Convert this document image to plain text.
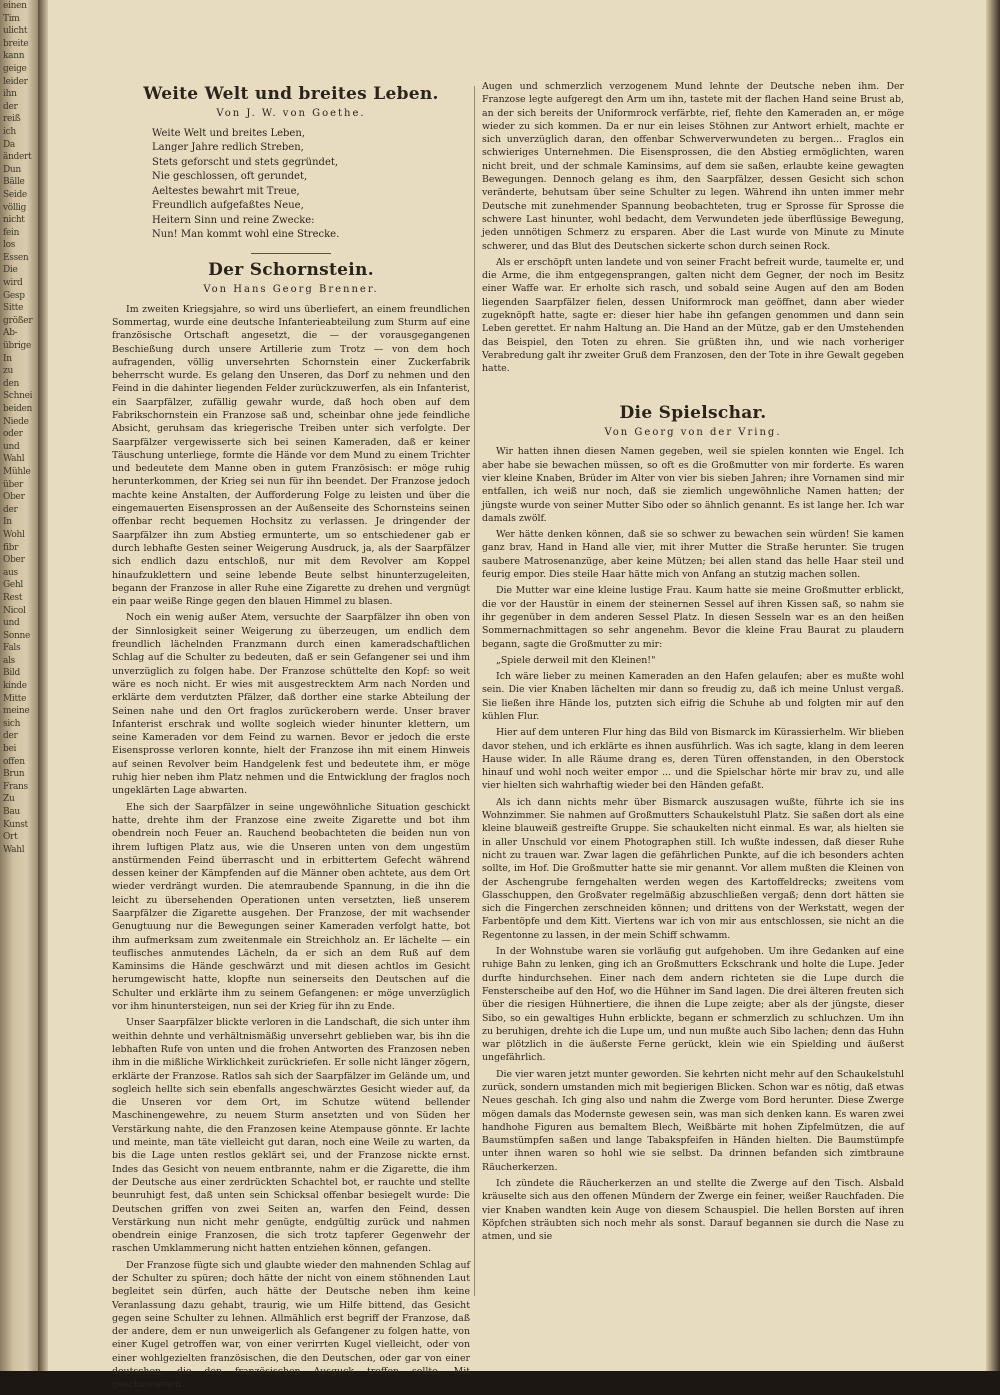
einen
Tim
ulicht
breite
kann
geige
leider
ihn
der
reiß
ich
Da
ändert
Dun
Bälle
Seide
völlig
nicht
fein
los
Essen
Die
wird
Gesp
Sitte
größer
Ab-
übrige
In
zu
den
Schnei
beiden
Niede
oder
und
Wahl
Mühle
über
Ober
der
In
Wohl
fibr
Ober
aus
Gehl
Rest
Nicol
und
Sonne
Fals
als
Bild
kinde
Mitte
meine
sich
der
bei
offen
Brun
Frans
Zu
Bau
Kunst
Ort
Wahl
Weite Welt und breites Leben.
Von J. W. von Goethe.
Weite Welt und breites Leben,
Langer Jahre redlich Streben,
Stets geforscht und stets gegründet,
Nie geschlossen, oft gerundet,
Aeltestes bewahrt mit Treue,
Freundlich aufgefaßtes Neue,
Heitern Sinn und reine Zwecke:
Nun! Man kommt wohl eine Strecke.
Der Schornstein.
Von Hans Georg Brenner.

Im zweiten Kriegsjahre, so wird uns überliefert, an einem freundlichen Sommertag, wurde eine deutsche Infanterieabteilung zum Sturm auf eine französische Ortschaft angesetzt, die — der vorausgegangenen Beschießung durch unsere Artillerie zum Trotz — von dem hoch aufragenden, völlig unversehrten Schornstein einer Zuckerfabrik beherrscht wurde. Es gelang den Unseren, das Dorf zu nehmen und den Feind in die dahinter liegenden Felder zurückzuwerfen, als ein Infanterist, ein Saarpfälzer, zufällig gewahr wurde, daß hoch oben auf dem Fabrikschornstein ein Franzose saß und, scheinbar ohne jede feindliche Absicht, geruhsam das kriegerische Treiben unter sich verfolgte. Der Saarpfälzer vergewisserte sich bei seinen Kameraden, daß er keiner Täuschung unterliege, formte die Hände vor dem Mund zu einem Trichter und bedeutete dem Manne oben in gutem Französisch: er möge ruhig herunterkommen, der Krieg sei nun für ihn beendet. Der Franzose jedoch machte keine Anstalten, der Aufforderung Folge zu leisten und über die eingemauerten Eisensprossen an der Außenseite des Schornsteins seinen offenbar recht bequemen Hochsitz zu verlassen. Je dringender der Saarpfälzer ihn zum Abstieg ermunterte, um so entschiedener gab er durch lebhafte Gesten seiner Weigerung Ausdruck, ja, als der Saarpfälzer sich endlich dazu entschloß, nur mit dem Revolver am Koppel hinaufzuklettern und seine lebende Beute selbst hinunterzugeleiten, begann der Franzose in aller Ruhe eine Zigarette zu drehen und vergnügt ein paar weiße Ringe gegen den blauen Himmel zu blasen.

Noch ein wenig außer Atem, versuchte der Saarpfälzer ihn oben von der Sinnlosigkeit seiner Weigerung zu überzeugen, um endlich dem freundlich lächelnden Franzmann durch einen kameradschaftlichen Schlag auf die Schulter zu bedeuten, daß er sein Gefangener sei und ihm unverzüglich zu folgen habe. Der Franzose schüttelte den Kopf: so weit wäre es noch nicht. Er wies mit ausgestrecktem Arm nach Norden und erklärte dem verdutzten Pfälzer, daß dorther eine starke Abteilung der Seinen nahe und den Ort fraglos zurückerobern werde. Unser braver Infanterist erschrak und wollte sogleich wieder hinunter klettern, um seine Kameraden vor dem Feind zu warnen. Bevor er jedoch die erste Eisensprosse verloren konnte, hielt der Franzose ihn mit einem Hinweis auf seinen Revolver beim Handgelenk fest und bedeutete ihm, er möge ruhig hier neben ihm Platz nehmen und die Entwicklung der fraglos noch ungeklärten Lage abwarten.

Ehe sich der Saarpfälzer in seine ungewöhnliche Situation geschickt hatte, drehte ihm der Franzose eine zweite Zigarette und bot ihm obendrein noch Feuer an. Rauchend beobachteten die beiden nun von ihrem luftigen Platz aus, wie die Unseren unten von dem ungestüm anstürmenden Feind überrascht und in erbittertem Gefecht während dessen keiner der Kämpfenden auf die Männer oben achtete, aus dem Ort wieder verdrängt wurden. Die atemraubende Spannung, in die ihn die leicht zu übersehenden Operationen unten versetzten, ließ unserem Saarpfälzer die Zigarette ausgehen. Der Franzose, der mit wachsender Genugtuung nur die Bewegungen seiner Kameraden verfolgt hatte, bot ihm aufmerksam zum zweitenmale ein Streichholz an. Er lächelte — ein teuflisches anmutendes Lächeln, da er sich an dem Ruß auf dem Kaminsims die Hände geschwärzt und mit diesen achtlos im Gesicht herumgewischt hatte, klopfte nun seinerseits den Deutschen auf die Schulter und erklärte ihm zu seinem Gefangenen: er möge unverzüglich vor ihm hinuntersteigen, nun sei der Krieg für ihn zu Ende.

Unser Saarpfälzer blickte verloren in die Landschaft, die sich unter ihm weithin dehnte und verhältnismäßig unversehrt geblieben war, bis ihn die lebhaften Rufe von unten und die frohen Antworten des Franzosen neben ihm in die mißliche Wirklichkeit zurückriefen. Er solle nicht länger zögern, erklärte der Franzose. Ratlos sah sich der Saarpfälzer im Gelände um, und sogleich hellte sich sein ebenfalls angeschwärztes Gesicht wieder auf, da die Unseren vor dem Ort, im Schutze wütend bellender Maschinengewehre, zu neuem Sturm ansetzten und von Süden her Verstärkung nahte, die den Franzosen keine Atempause gönnte. Er lachte und meinte, man täte vielleicht gut daran, noch eine Weile zu warten, da bis die Lage unten restlos geklärt sei, und der Franzose nickte ernst. Indes das Gesicht von neuem entbrannte, nahm er die Zigarette, die ihm der Deutsche aus einer zerdrückten Schachtel bot, er rauchte und stellte beunruhigt fest, daß unten sein Schicksal offenbar besiegelt wurde: Die Deutschen griffen von zwei Seiten an, warfen den Feind, dessen Verstärkung nun nicht mehr genügte, endgültig zurück und nahmen obendrein einige Franzosen, die sich trotz tapferer Gegenwehr der raschen Umklammerung nicht hatten entziehen können, gefangen.

Der Franzose fügte sich und glaubte wieder den mahnenden Schlag auf der Schulter zu spüren; doch hätte der nicht von einem stöhnenden Laut begleitet sein dürfen, auch hätte der Deutsche neben ihm keine Veranlassung dazu gehabt, traurig, wie um Hilfe bittend, das Gesicht gegen seine Schulter zu lehnen. Allmählich erst begriff der Franzose, daß der andere, dem er nun unweigerlich als Gefangener zu folgen hatte, von einer Kugel getroffen war, von einer verirrten Kugel vielleicht, oder von einer wohlgezielten französischen, die den Deutschen, oder gar von einer deutschen, die den französischen Ausguck treffen sollte. Mit geschlossenen

Augen und schmerzlich verzogenem Mund lehnte der Deutsche neben ihm. Der Franzose legte aufgeregt den Arm um ihn, tastete mit der flachen Hand seine Brust ab, an der sich bereits der Uniformrock verfärbte, rief, flehte den Kameraden an, er möge wieder zu sich kommen. Da er nur ein leises Stöhnen zur Antwort erhielt, machte er sich unverzüglich daran, den offenbar Schwerverwundeten zu bergen... Fraglos ein schwieriges Unternehmen. Die Eisensprossen, die den Abstieg ermöglichten, waren nicht breit, und der schmale Kaminsims, auf dem sie saßen, erlaubte keine gewagten Bewegungen. Dennoch gelang es ihm, den Saarpfälzer, dessen Gesicht sich schon veränderte, behutsam über seine Schulter zu legen. Während ihn unten immer mehr Deutsche mit zunehmender Spannung beobachteten, trug er Sprosse für Sprosse die schwere Last hinunter, wohl bedacht, dem Verwundeten jede überflüssige Bewegung, jeden unnötigen Schmerz zu ersparen. Aber die Last wurde von Minute zu Minute schwerer, und das Blut des Deutschen sickerte schon durch seinen Rock.

Als er erschöpft unten landete und von seiner Fracht befreit wurde, taumelte er, und die Arme, die ihm entgegensprangen, galten nicht dem Gegner, der noch im Besitz einer Waffe war. Er erholte sich rasch, und sobald seine Augen auf den am Boden liegenden Saarpfälzer fielen, dessen Uniformrock man geöffnet, dann aber wieder zugeknöpft hatte, sagte er: dieser hier habe ihn gefangen genommen und dann sein Leben gerettet. Er nahm Haltung an. Die Hand an der Mütze, gab er den Umstehenden das Beispiel, den Toten zu ehren. Sie grüßten ihn, und wie nach vorheriger Verabredung galt ihr zweiter Gruß dem Franzosen, den der Tote in ihre Gewalt gegeben hatte.

Die Spielschar.
Von Georg von der Vring.

Wir hatten ihnen diesen Namen gegeben, weil sie spielen konnten wie Engel. Ich aber habe sie bewachen müssen, so oft es die Großmutter von mir forderte. Es waren vier kleine Knaben, Brüder im Alter von vier bis sieben Jahren; ihre Vornamen sind mir entfallen, ich weiß nur noch, daß sie ziemlich ungewöhnliche Namen hatten; der jüngste wurde von seiner Mutter Sibo oder so ähnlich genannt. Es ist lange her. Ich war damals zwölf.

Wer hätte denken können, daß sie so schwer zu bewachen sein würden! Sie kamen ganz brav, Hand in Hand alle vier, mit ihrer Mutter die Straße herunter. Sie trugen saubere Matrosenanzüge, aber keine Mützen; bei allen stand das helle Haar steil und feurig empor. Dies steile Haar hätte mich von Anfang an stutzig machen sollen.

Die Mutter war eine kleine lustige Frau. Kaum hatte sie meine Großmutter erblickt, die vor der Haustür in einem der steinernen Sessel auf ihren Kissen saß, so nahm sie ihr gegenüber in dem anderen Sessel Platz. In diesen Sesseln war es an den heißen Sommernachmittagen so sehr angenehm. Bevor die kleine Frau Baurat zu plaudern begann, sagte die Großmutter zu mir:

„Spiele derweil mit den Kleinen!"

Ich wäre lieber zu meinen Kameraden an den Hafen gelaufen; aber es mußte wohl sein. Die vier Knaben lächelten mir dann so freudig zu, daß ich meine Unlust vergaß. Sie ließen ihre Hände los, putzten sich eifrig die Schuhe ab und folgten mir auf den kühlen Flur.

Hier auf dem unteren Flur hing das Bild von Bismarck im Kürassierhelm. Wir blieben davor stehen, und ich erklärte es ihnen ausführlich. Was ich sagte, klang in dem leeren Hause wider. In alle Räume drang es, deren Türen offenstanden, in den Oberstock hinauf und wohl noch weiter empor ... und die Spielschar hörte mir brav zu, und alle vier hielten sich wahrhaftig wieder bei den Händen gefaßt.

Als ich dann nichts mehr über Bismarck auszusagen wußte, führte ich sie ins Wohnzimmer. Sie nahmen auf Großmutters Schaukelstuhl Platz. Sie saßen dort als eine kleine blauweiß gestreifte Gruppe. Sie schaukelten nicht einmal. Es war, als hielten sie in aller Unschuld vor einem Photographen still. Ich wußte indessen, daß dieser Ruhe nicht zu trauen war. Zwar lagen die gefährlichen Punkte, auf die ich besonders achten sollte, im Hof. Die Großmutter hatte sie mir genannt. Vor allem mußten die Kleinen von der Aschengrube ferngehalten werden wegen des Kartoffeldrecks; zweitens vom Glasschuppen, den Großvater regelmäßig abzuschließen vergaß; denn dort hätten sie sich die Fingerchen zerschneiden können; und drittens von der Werkstatt, wegen der Farbentöpfe und dem Kitt. Viertens war ich von mir aus entschlossen, sie nicht an die Regentonne zu lassen, in der mein Schiff schwamm.

In der Wohnstube waren sie vorläufig gut aufgehoben. Um ihre Gedanken auf eine ruhige Bahn zu lenken, ging ich an Großmutters Eckschrank und holte die Lupe. Jeder durfte hindurchsehen. Einer nach dem andern richteten sie die Lupe durch die Fensterscheibe auf den Hof, wo die Hühner im Sand lagen. Die drei älteren freuten sich über die riesigen Hühnertiere, die ihnen die Lupe zeigte; aber als der jüngste, dieser Sibo, so ein gewaltiges Huhn erblickte, begann er schmerzlich zu schluchzen. Um ihn zu beruhigen, drehte ich die Lupe um, und nun mußte auch Sibo lachen; denn das Huhn war plötzlich in die äußerste Ferne gerückt, klein wie ein Spielding und äußerst ungefährlich.

Die vier waren jetzt munter geworden. Sie kehrten nicht mehr auf den Schaukelstuhl zurück, sondern umstanden mich mit begierigen Blicken. Schon war es nötig, daß etwas Neues geschah. Ich ging also und nahm die Zwerge vom Bord herunter. Diese Zwerge mögen damals das Modernste gewesen sein, was man sich denken kann. Es waren zwei handhohe Figuren aus bemaltem Blech, Weißbärte mit hohen Zipfelmützen, die auf Baumstümpfen saßen und lange Tabakspfeifen in Händen hielten. Die Baumstümpfe unter ihnen waren so hohl wie sie selbst. Da drinnen befanden sich zimtbraune Räucherkerzen.

Ich zündete die Räucherkerzen an und stellte die Zwerge auf den Tisch. Alsbald kräuselte sich aus den offenen Mündern der Zwerge ein feiner, weißer Rauchfaden. Die vier Knaben wandten kein Auge von diesem Schauspiel. Die hellen Borsten auf ihren Köpfchen sträubten sich noch mehr als sonst. Darauf begannen sie durch die Nase zu atmen, und sie
